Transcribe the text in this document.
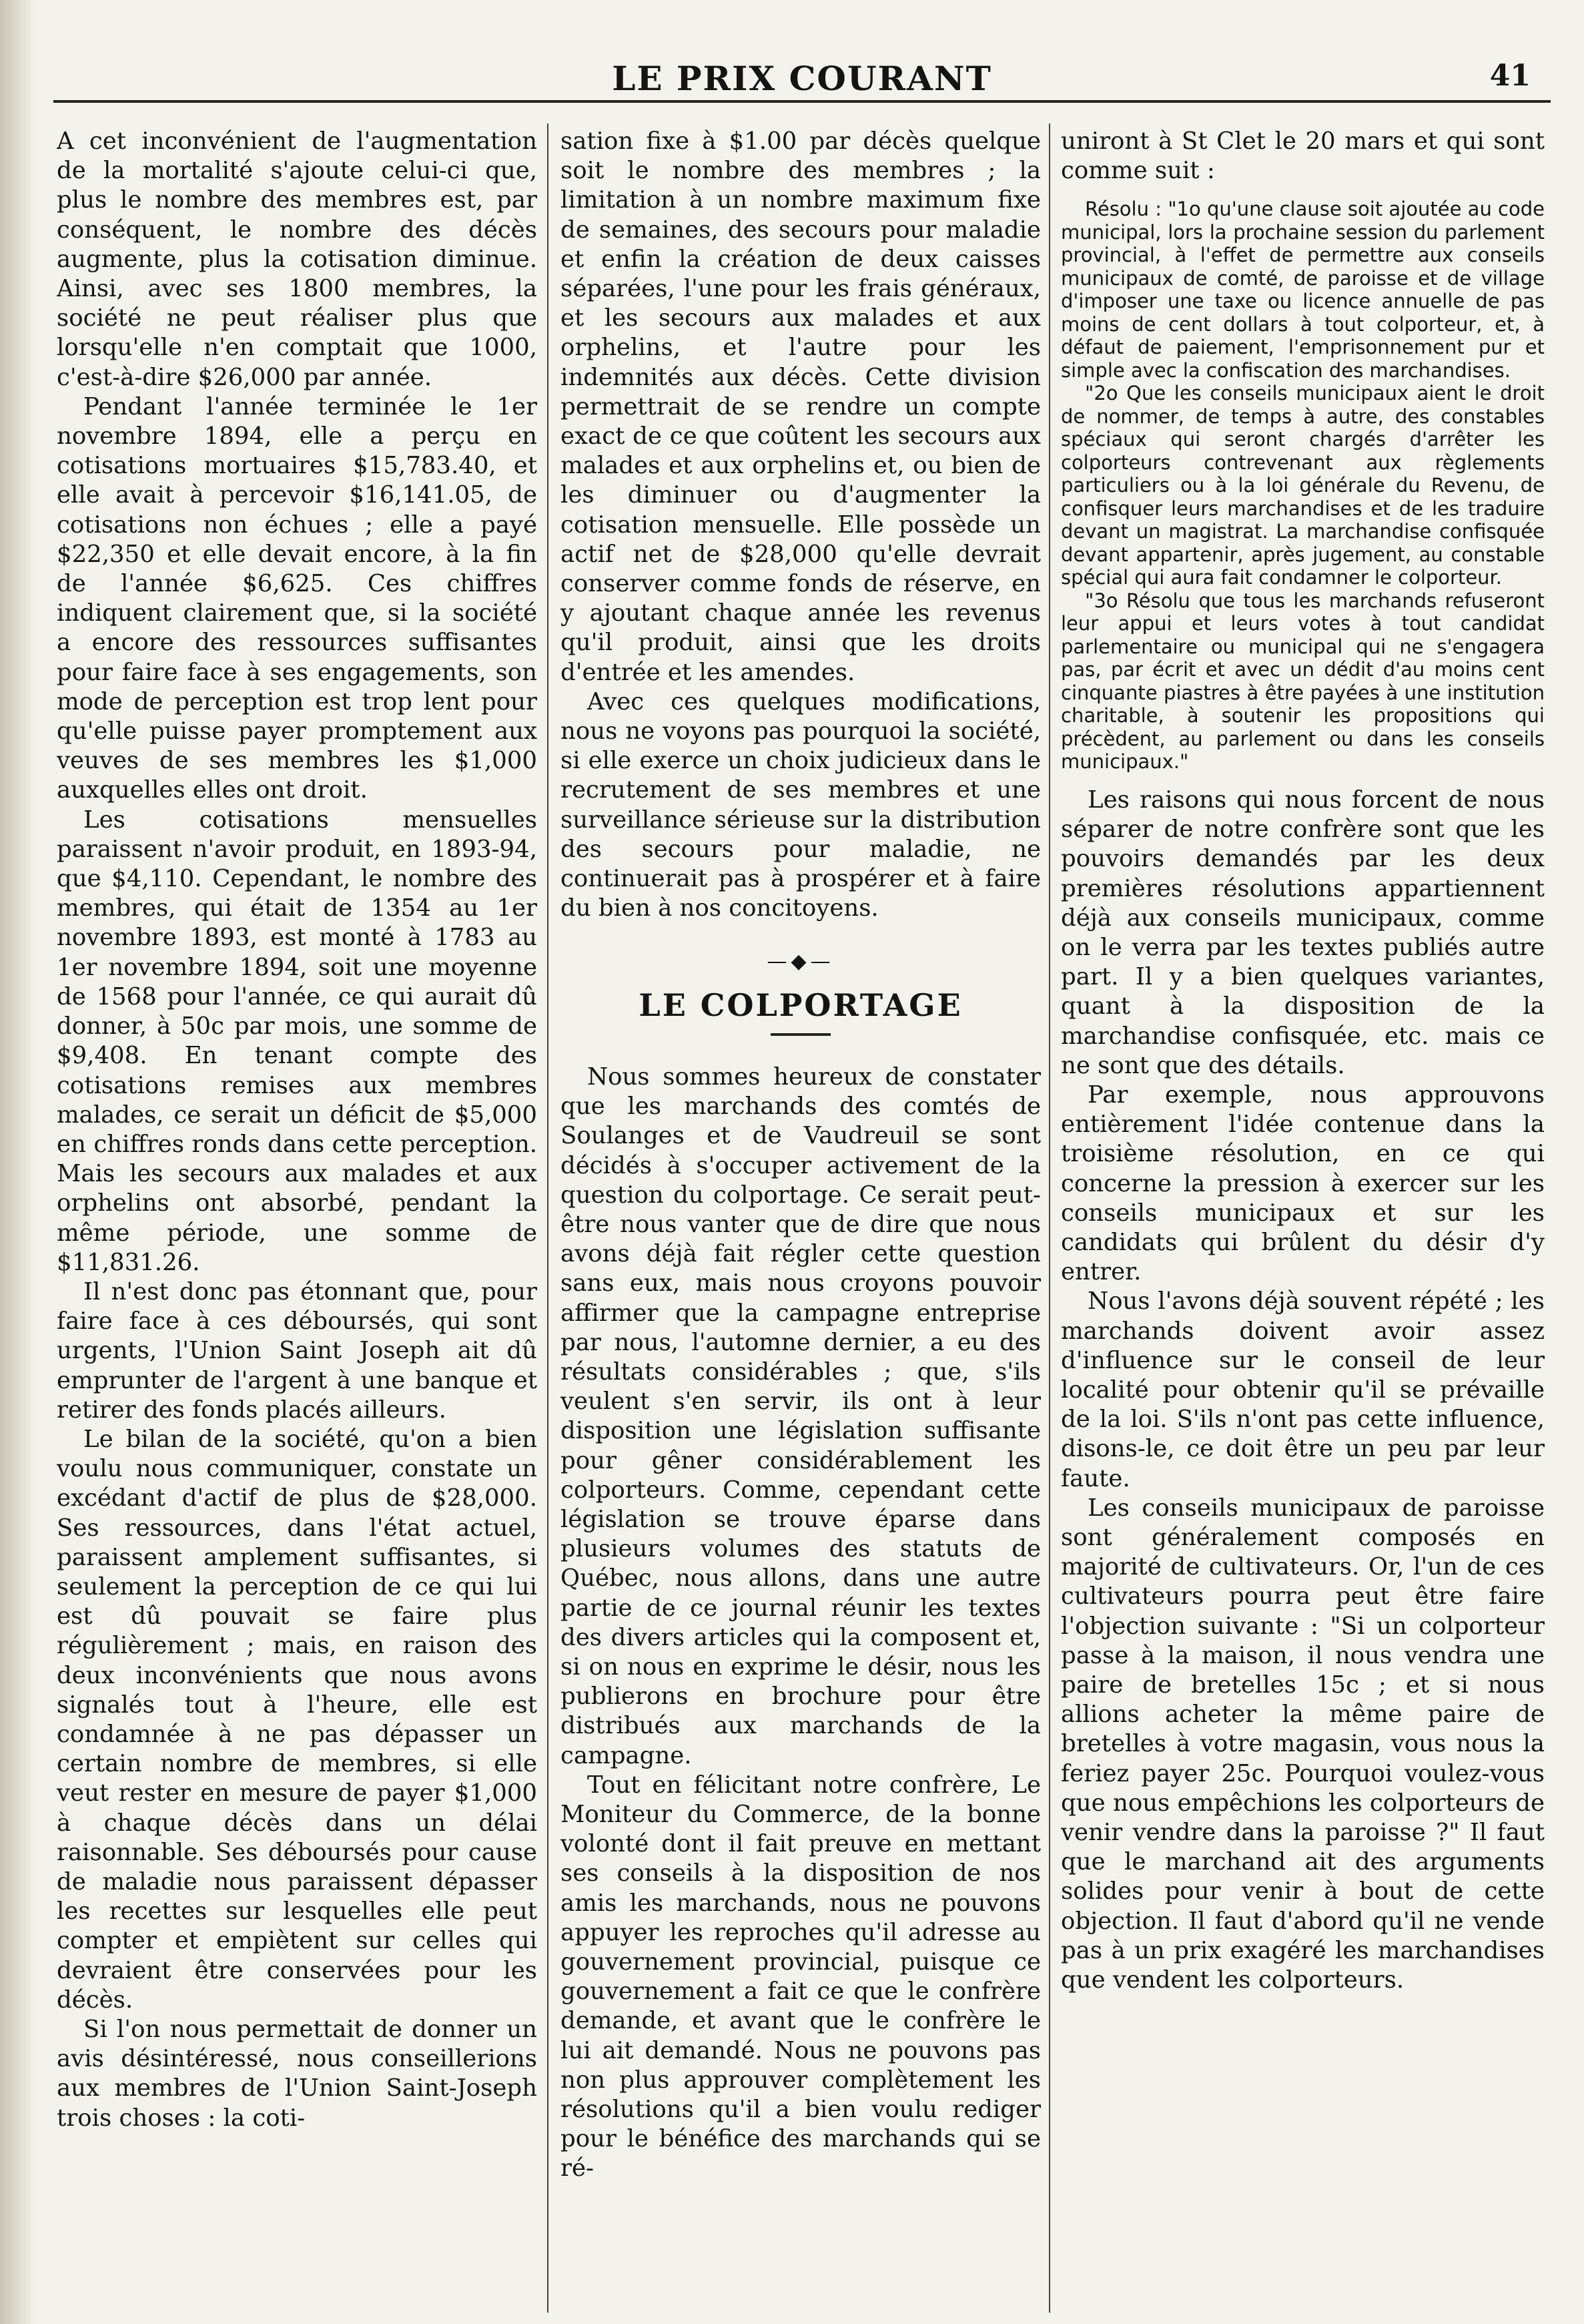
LE PRIX COURANT	41

A cet inconvénient de l'augmentation de la mortalité s'ajoute celui-ci que, plus le nombre des membres est, par conséquent, le nombre des décès augmente, plus la cotisation diminue. Ainsi, avec ses 1800 membres, la société ne peut réaliser plus que lorsqu'elle n'en comptait que 1000, c'est-à-dire $26,000 par année.

Pendant l'année terminée le 1er novembre 1894, elle a perçu en cotisations mortuaires $15,783.40, et elle avait à percevoir $16,141.05, de cotisations non échues ; elle a payé $22,350 et elle devait encore, à la fin de l'année $6,625. Ces chiffres indiquent clairement que, si la société a encore des ressources suffisantes pour faire face à ses engagements, son mode de perception est trop lent pour qu'elle puisse payer promptement aux veuves de ses membres les $1,000 auxquelles elles ont droit.

Les cotisations mensuelles paraissent n'avoir produit, en 1893-94, que $4,110. Cependant, le nombre des membres, qui était de 1354 au 1er novembre 1893, est monté à 1783 au 1er novembre 1894, soit une moyenne de 1568 pour l'année, ce qui aurait dû donner, à 50c par mois, une somme de $9,408. En tenant compte des cotisations remises aux membres malades, ce serait un déficit de $5,000 en chiffres ronds dans cette perception. Mais les secours aux malades et aux orphelins ont absorbé, pendant la même période, une somme de $11,831.26.

Il n'est donc pas étonnant que, pour faire face à ces déboursés, qui sont urgents, l'Union Saint Joseph ait dû emprunter de l'argent à une banque et retirer des fonds placés ailleurs.

Le bilan de la société, qu'on a bien voulu nous communiquer, constate un excédant d'actif de plus de $28,000. Ses ressources, dans l'état actuel, paraissent amplement suffisantes, si seulement la perception de ce qui lui est dû pouvait se faire plus régulièrement ; mais, en raison des deux inconvénients que nous avons signalés tout à l'heure, elle est condamnée à ne pas dépasser un certain nombre de membres, si elle veut rester en mesure de payer $1,000 à chaque décès dans un délai raisonnable. Ses déboursés pour cause de maladie nous paraissent dépasser les recettes sur lesquelles elle peut compter et empiètent sur celles qui devraient être conservées pour les décès.

Si l'on nous permettait de donner un avis désintéressé, nous conseillerions aux membres de l'Union Saint-Joseph trois choses : la coti-

sation fixe à $1.00 par décès quelque soit le nombre des membres ; la limitation à un nombre maximum fixe de semaines, des secours pour maladie et enfin la création de deux caisses séparées, l'une pour les frais généraux, et les secours aux malades et aux orphelins, et l'autre pour les indemnités aux décès. Cette division permettrait de se rendre un compte exact de ce que coûtent les secours aux malades et aux orphelins et, ou bien de les diminuer ou d'augmenter la cotisation mensuelle. Elle possède un actif net de $28,000 qu'elle devrait conserver comme fonds de réserve, en y ajoutant chaque année les revenus qu'il produit, ainsi que les droits d'entrée et les amendes.

Avec ces quelques modifications, nous ne voyons pas pourquoi la société, si elle exerce un choix judicieux dans le recrutement de ses membres et une surveillance sérieuse sur la distribution des secours pour maladie, ne continuerait pas à prospérer et à faire du bien à nos concitoyens.

—◆—
LE COLPORTAGE

Nous sommes heureux de constater que les marchands des comtés de Soulanges et de Vaudreuil se sont décidés à s'occuper activement de la question du colportage. Ce serait peut-être nous vanter que de dire que nous avons déjà fait régler cette question sans eux, mais nous croyons pouvoir affirmer que la campagne entreprise par nous, l'automne dernier, a eu des résultats considérables ; que, s'ils veulent s'en servir, ils ont à leur disposition une législation suffisante pour gêner considérablement les colporteurs. Comme, cependant cette législation se trouve éparse dans plusieurs volumes des statuts de Québec, nous allons, dans une autre partie de ce journal réunir les textes des divers articles qui la composent et, si on nous en exprime le désir, nous les publierons en brochure pour être distribués aux marchands de la campagne.

Tout en félicitant notre confrère, Le Moniteur du Commerce, de la bonne volonté dont il fait preuve en mettant ses conseils à la disposition de nos amis les marchands, nous ne pouvons appuyer les reproches qu'il adresse au gouvernement provincial, puisque ce gouvernement a fait ce que le confrère demande, et avant que le confrère le lui ait demandé. Nous ne pouvons pas non plus approuver complètement les résolutions qu'il a bien voulu rediger pour le bénéfice des marchands qui se ré-

uniront à St Clet le 20 mars et qui sont comme suit :

Résolu : "1o qu'une clause soit ajoutée au code municipal, lors la prochaine session du parlement provincial, à l'effet de permettre aux conseils municipaux de comté, de paroisse et de village d'imposer une taxe ou licence annuelle de pas moins de cent dollars à tout colporteur, et, à défaut de paiement, l'emprisonnement pur et simple avec la confiscation des marchandises.

"2o Que les conseils municipaux aient le droit de nommer, de temps à autre, des constables spéciaux qui seront chargés d'arrêter les colporteurs contrevenant aux règlements particuliers ou à la loi générale du Revenu, de confisquer leurs marchandises et de les traduire devant un magistrat. La marchandise confisquée devant appartenir, après jugement, au constable spécial qui aura fait condamner le colporteur.

"3o Résolu que tous les marchands refuseront leur appui et leurs votes à tout candidat parlementaire ou municipal qui ne s'engagera pas, par écrit et avec un dédit d'au moins cent cinquante piastres à être payées à une institution charitable, à soutenir les propositions qui précèdent, au parlement ou dans les conseils municipaux."

Les raisons qui nous forcent de nous séparer de notre confrère sont que les pouvoirs demandés par les deux premières résolutions appartiennent déjà aux conseils municipaux, comme on le verra par les textes publiés autre part. Il y a bien quelques variantes, quant à la disposition de la marchandise confisquée, etc. mais ce ne sont que des détails.

Par exemple, nous approuvons entièrement l'idée contenue dans la troisième résolution, en ce qui concerne la pression à exercer sur les conseils municipaux et sur les candidats qui brûlent du désir d'y entrer.

Nous l'avons déjà souvent répété ; les marchands doivent avoir assez d'influence sur le conseil de leur localité pour obtenir qu'il se prévaille de la loi. S'ils n'ont pas cette influence, disons-le, ce doit être un peu par leur faute.

Les conseils municipaux de paroisse sont généralement composés en majorité de cultivateurs. Or, l'un de ces cultivateurs pourra peut être faire l'objection suivante : "Si un colporteur passe à la maison, il nous vendra une paire de bretelles 15c ; et si nous allions acheter la même paire de bretelles à votre magasin, vous nous la feriez payer 25c. Pourquoi voulez-vous que nous empêchions les colporteurs de venir vendre dans la paroisse ?" Il faut que le marchand ait des arguments solides pour venir à bout de cette objection. Il faut d'abord qu'il ne vende pas à un prix exagéré les marchandises que vendent les colporteurs.
